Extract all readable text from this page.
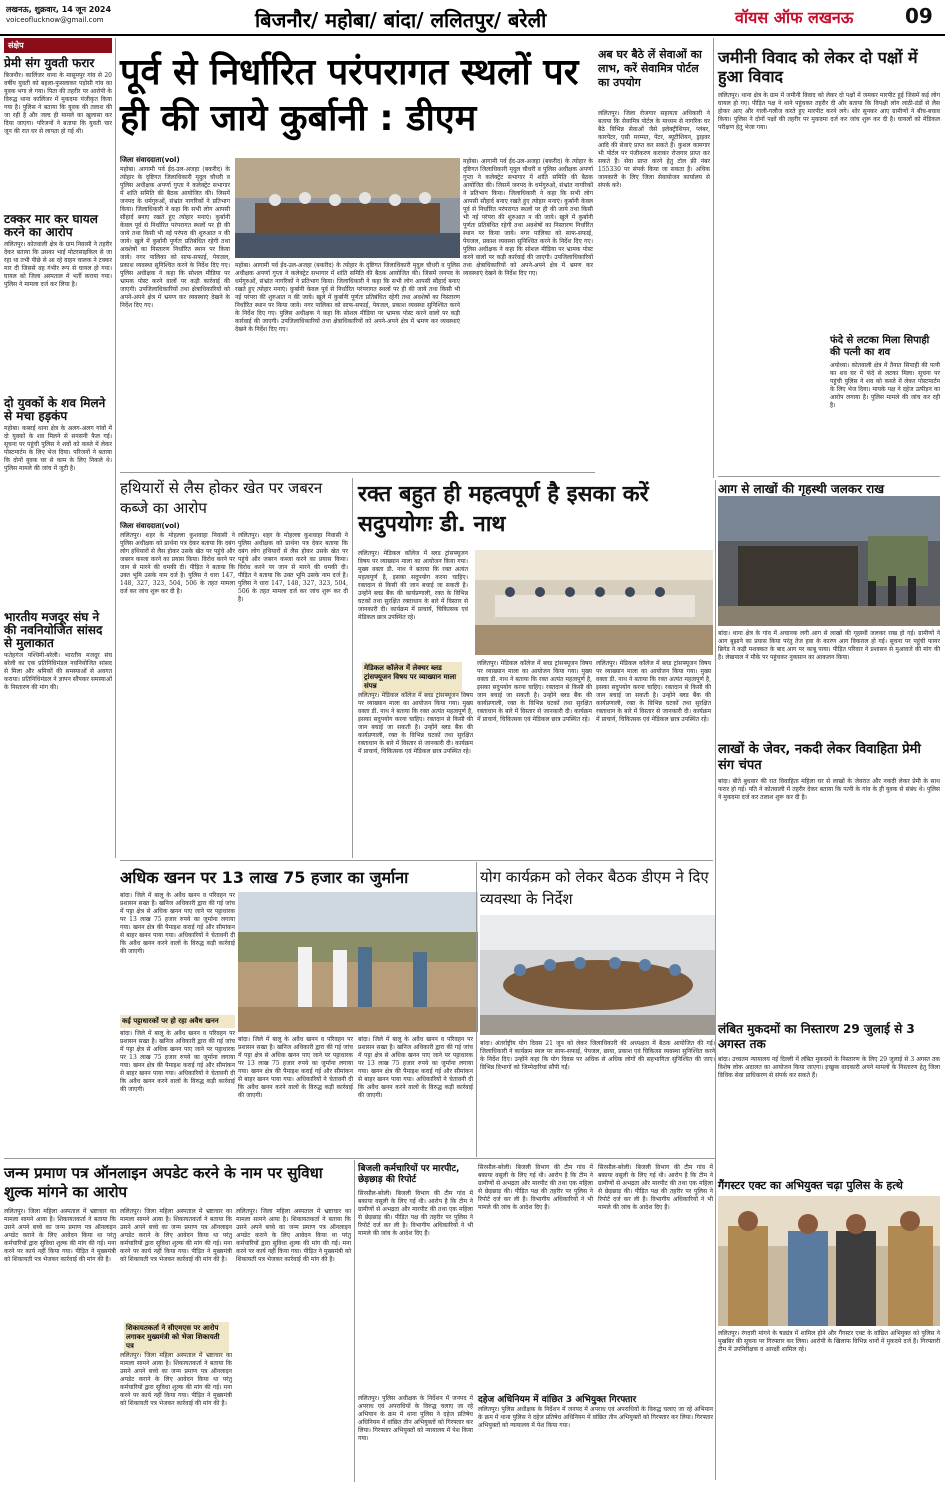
लखनऊ, शुक्रवार, 14 जून 2024
voiceoflucknow@gmail.com	बिजनौर/ महोबा/ बांदा/ ललितपुर/ बरेली	वॉयस ऑफ लखनऊ	09
संक्षेप
प्रेमी संग युवती फरार
बिजनौर। कालिंजर थाना के मासूमपुर गांव से 20 वर्षीय युवती को बहला-फुसलाकर पड़ोसी गांव का युवक भगा ले गया। पिता की तहरीर पर आरोपी के विरुद्ध थाना कालिंजर में मुकदमा पंजीकृत किया गया है। पुलिस ने बताया कि युवक की तलाश की जा रही है और जल्द ही मामले का खुलासा कर दिया जाएगा। परिजनों ने बताया कि युवती चार जून की रात घर से लापता हो गई थी।
टक्कर मार कर घायल करने का आरोप
ललितपुर। कोतवाली क्षेत्र के ग्राम निवासी ने तहरीर देकर बताया कि उसका भाई मोटरसाइकिल से जा रहा था तभी पीछे से आ रहे वाहन चालक ने टक्कर मार दी जिससे वह गंभीर रूप से घायल हो गया। घायल को जिला अस्पताल में भर्ती कराया गया। पुलिस ने मामला दर्ज कर लिया है।
दो युवकों के शव मिलने से मचा हड़कंप
महोबा। कबरई थाना क्षेत्र के अलग-अलग गांवों में दो युवकों के शव मिलने से सनसनी फैल गई। सूचना पर पहुंची पुलिस ने शवों को कब्जे में लेकर पोस्टमार्टम के लिए भेज दिया। परिजनों ने बताया कि दोनों युवक घर से काम के लिए निकले थे। पुलिस मामले की जांच में जुटी है।
भारतीय मजदूर संघ ने की नवनियोजित सांसद से मुलाकात
फतेहगंज पश्चिमी-बरेली। भारतीय मजदूर संघ बरेली का एक प्रतिनिधिमंडल नवनियोजित सांसद से मिला और श्रमिकों की समस्याओं से अवगत कराया। प्रतिनिधिमंडल ने ज्ञापन सौंपकर समस्याओं के निस्तारण की मांग की।
पूर्व से निर्धारित परंपरागत स्थलों पर ही की जाये कुर्बानी : डीएम
जिला संवाददाता(vol)
महोबा। आगामी पर्व ईद-उल-अजहा (बकरीद) के त्योहार के दृष्टिगत जिलाधिकारी मृदुल चौधरी व पुलिस अधीक्षक अपर्णा गुप्ता ने कलेक्ट्रेट सभागार में शांति समिति की बैठक आयोजित की। जिसमें जनपद के धर्मगुरुओं, संभ्रांत नागरिकों ने प्रतिभाग किया। जिलाधिकारी ने कहा कि सभी लोग आपसी सौहार्द बनाए रखते हुए त्योहार मनाएं। कुर्बानी केवल पूर्व से निर्धारित परंपरागत स्थलों पर ही की जाये तथा किसी भी नई परंपरा की शुरुआत न की जाये। खुले में कुर्बानी पूर्णतः प्रतिबंधित रहेगी तथा अवशेषों का निस्तारण निर्धारित स्थान पर किया जाये। नगर पालिका को साफ-सफाई, पेयजल, प्रकाश व्यवस्था सुनिश्चित करने के निर्देश दिए गए। पुलिस अधीक्षक ने कहा कि सोशल मीडिया पर भ्रामक पोस्ट करने वालों पर कड़ी कार्रवाई की जाएगी। उपजिलाधिकारियों तथा क्षेत्राधिकारियों को अपने-अपने क्षेत्र में भ्रमण कर व्यवस्थाएं देखने के निर्देश दिए गए।
महोबा। आगामी पर्व ईद-उल-अजहा (बकरीद) के त्योहार के दृष्टिगत जिलाधिकारी मृदुल चौधरी व पुलिस अधीक्षक अपर्णा गुप्ता ने कलेक्ट्रेट सभागार में शांति समिति की बैठक आयोजित की। जिसमें जनपद के धर्मगुरुओं, संभ्रांत नागरिकों ने प्रतिभाग किया। जिलाधिकारी ने कहा कि सभी लोग आपसी सौहार्द बनाए रखते हुए त्योहार मनाएं। कुर्बानी केवल पूर्व से निर्धारित परंपरागत स्थलों पर ही की जाये तथा किसी भी नई परंपरा की शुरुआत न की जाये। खुले में कुर्बानी पूर्णतः प्रतिबंधित रहेगी तथा अवशेषों का निस्तारण निर्धारित स्थान पर किया जाये। नगर पालिका को साफ-सफाई, पेयजल, प्रकाश व्यवस्था सुनिश्चित करने के निर्देश दिए गए। पुलिस अधीक्षक ने कहा कि सोशल मीडिया पर भ्रामक पोस्ट करने वालों पर कड़ी कार्रवाई की जाएगी। उपजिलाधिकारियों तथा क्षेत्राधिकारियों को अपने-अपने क्षेत्र में भ्रमण कर व्यवस्थाएं देखने के निर्देश दिए गए।
महोबा। आगामी पर्व ईद-उल-अजहा (बकरीद) के त्योहार के दृष्टिगत जिलाधिकारी मृदुल चौधरी व पुलिस अधीक्षक अपर्णा गुप्ता ने कलेक्ट्रेट सभागार में शांति समिति की बैठक आयोजित की। जिसमें जनपद के धर्मगुरुओं, संभ्रांत नागरिकों ने प्रतिभाग किया। जिलाधिकारी ने कहा कि सभी लोग आपसी सौहार्द बनाए रखते हुए त्योहार मनाएं। कुर्बानी केवल पूर्व से निर्धारित परंपरागत स्थलों पर ही की जाये तथा किसी भी नई परंपरा की शुरुआत न की जाये। खुले में कुर्बानी पूर्णतः प्रतिबंधित रहेगी तथा अवशेषों का निस्तारण निर्धारित स्थान पर किया जाये। नगर पालिका को साफ-सफाई, पेयजल, प्रकाश व्यवस्था सुनिश्चित करने के निर्देश दिए गए। पुलिस अधीक्षक ने कहा कि सोशल मीडिया पर भ्रामक पोस्ट करने वालों पर कड़ी कार्रवाई की जाएगी। उपजिलाधिकारियों तथा क्षेत्राधिकारियों को अपने-अपने क्षेत्र में भ्रमण कर व्यवस्थाएं देखने के निर्देश दिए गए।
अब घर बैठे लें सेवाओं का लाभ, करें सेवामित्र पोर्टल का उपयोग
ललितपुर। जिला रोजगार सहायता अधिकारी ने बताया कि सेवामित्र पोर्टल के माध्यम से नागरिक घर बैठे विभिन्न सेवाओं जैसे इलेक्ट्रीशियन, प्लंबर, कारपेंटर, एसी मरम्मत, पेंटर, ब्यूटीशियन, ड्राइवर आदि की सेवाएं प्राप्त कर सकते हैं। कुशल कामगार भी पोर्टल पर पंजीकरण कराकर रोजगार प्राप्त कर सकते हैं। सेवा प्राप्त करने हेतु टोल फ्री नंबर 155330 पर संपर्क किया जा सकता है। अधिक जानकारी के लिए जिला सेवायोजन कार्यालय से संपर्क करें।
जमीनी विवाद को लेकर दो पक्षों में हुआ विवाद
ललितपुर। थाना क्षेत्र के ग्राम में जमीनी विवाद को लेकर दो पक्षों में जमकर मारपीट हुई जिसमें कई लोग घायल हो गए। पीड़ित पक्ष ने थाने पहुंचकर तहरीर दी और बताया कि विपक्षी लोग लाठी-डंडों से लैस होकर आए और गाली-गलौज करते हुए मारपीट करने लगे। शोर सुनकर आए ग्रामीणों ने बीच-बचाव किया। पुलिस ने दोनों पक्षों की तहरीर पर मुकदमा दर्ज कर जांच शुरू कर दी है। घायलों को मेडिकल परीक्षण हेतु भेजा गया।
फंदे से लटका मिला सिपाही की पत्नी का शव
अयोध्या। कोतवाली क्षेत्र में तैनात सिपाही की पत्नी का शव घर में फंदे से लटका मिला। सूचना पर पहुंची पुलिस ने शव को कब्जे में लेकर पोस्टमार्टम के लिए भेज दिया। मायके पक्ष ने दहेज उत्पीड़न का आरोप लगाया है। पुलिस मामले की जांच कर रही है।
आग से लाखों की गृहस्थी जलकर राख
बांदा। थाना क्षेत्र के गांव में अचानक लगी आग से लाखों की गृहस्थी जलकर राख हो गई। ग्रामीणों ने आग बुझाने का प्रयास किया परंतु तेज हवा के कारण आग विकराल हो गई। सूचना पर पहुंची फायर ब्रिगेड ने कड़ी मशक्कत के बाद आग पर काबू पाया। पीड़ित परिवार ने प्रशासन से मुआवजे की मांग की है। लेखपाल ने मौके पर पहुंचकर नुकसान का आकलन किया।
लाखों के जेवर, नकदी लेकर विवाहिता प्रेमी संग चंपत
बांदा। बीते बुधवार की रात विवाहिता महिला घर से लाखों के जेवरात और नकदी लेकर प्रेमी के साथ फरार हो गई। पति ने कोतवाली में तहरीर देकर बताया कि पत्नी के गांव के ही युवक से संबंध थे। पुलिस ने मुकदमा दर्ज कर तलाश शुरू कर दी है।
लंबित मुकदमों का निस्तारण 29 जुलाई से 3 अगस्त तक
बांदा। उच्चतम न्यायालय नई दिल्ली में लंबित मुकदमों के निस्तारण के लिए 29 जुलाई से 3 अगस्त तक विशेष लोक अदालत का आयोजन किया जाएगा। इच्छुक वादकारी अपने मामलों के निस्तारण हेतु जिला विधिक सेवा प्राधिकरण से संपर्क कर सकते हैं।
गैंगस्टर एक्ट का अभियुक्त चढ़ा पुलिस के हत्थे
ललितपुर। रंगदारी मांगने के षड्यंत्र में शामिल होने और गैंगस्टर एक्ट के वांछित अभियुक्त को पुलिस ने मुखबिर की सूचना पर गिरफ्तार कर लिया। आरोपी के खिलाफ विभिन्न थानों में मुकदमे दर्ज हैं। गिरफ्तारी टीम में उपनिरीक्षक व आरक्षी शामिल रहे।
हथियारों से लैस होकर खेत पर जबरन कब्जे का आरोप
जिला संवाददाता(vol)
ललितपुर। शहर के मोहल्ला कुशवाहा निवासी ने पुलिस अधीक्षक को प्रार्थना पत्र देकर बताया कि दबंग लोग हथियारों से लैस होकर उसके खेत पर पहुंचे और जबरन कब्जा करने का प्रयास किया। विरोध करने पर जान से मारने की धमकी दी। पीड़ित ने बताया कि उक्त भूमि उसके नाम दर्ज है। पुलिस ने धारा 147, 148, 327, 323, 504, 506 के तहत मामला दर्ज कर जांच शुरू कर दी है।
ललितपुर। शहर के मोहल्ला कुशवाहा निवासी ने पुलिस अधीक्षक को प्रार्थना पत्र देकर बताया कि दबंग लोग हथियारों से लैस होकर उसके खेत पर पहुंचे और जबरन कब्जा करने का प्रयास किया। विरोध करने पर जान से मारने की धमकी दी। पीड़ित ने बताया कि उक्त भूमि उसके नाम दर्ज है। पुलिस ने धारा 147, 148, 327, 323, 504, 506 के तहत मामला दर्ज कर जांच शुरू कर दी है।
रक्त बहुत ही महत्वपूर्ण है इसका करें सदुपयोगः डी. नाथ
ललितपुर। मेडिकल कॉलेज में ब्लड ट्रांसफ्यूजन विषय पर व्याख्यान माला का आयोजन किया गया। मुख्य वक्ता डी. नाथ ने बताया कि रक्त अत्यंत महत्वपूर्ण है, इसका सदुपयोग करना चाहिए। रक्तदान से किसी की जान बचाई जा सकती है। उन्होंने ब्लड बैंक की कार्यप्रणाली, रक्त के विभिन्न घटकों तथा सुरक्षित रक्ताधान के बारे में विस्तार से जानकारी दी। कार्यक्रम में प्राचार्य, चिकित्सक एवं मेडिकल छात्र उपस्थित रहे।
मेडिकल कॉलेज में लेक्चर ब्लड ट्रांसफ्यूजन विषय पर व्याख्यान माला संपन्न
ललितपुर। मेडिकल कॉलेज में ब्लड ट्रांसफ्यूजन विषय पर व्याख्यान माला का आयोजन किया गया। मुख्य वक्ता डी. नाथ ने बताया कि रक्त अत्यंत महत्वपूर्ण है, इसका सदुपयोग करना चाहिए। रक्तदान से किसी की जान बचाई जा सकती है। उन्होंने ब्लड बैंक की कार्यप्रणाली, रक्त के विभिन्न घटकों तथा सुरक्षित रक्ताधान के बारे में विस्तार से जानकारी दी। कार्यक्रम में प्राचार्य, चिकित्सक एवं मेडिकल छात्र उपस्थित रहे।
ललितपुर। मेडिकल कॉलेज में ब्लड ट्रांसफ्यूजन विषय पर व्याख्यान माला का आयोजन किया गया। मुख्य वक्ता डी. नाथ ने बताया कि रक्त अत्यंत महत्वपूर्ण है, इसका सदुपयोग करना चाहिए। रक्तदान से किसी की जान बचाई जा सकती है। उन्होंने ब्लड बैंक की कार्यप्रणाली, रक्त के विभिन्न घटकों तथा सुरक्षित रक्ताधान के बारे में विस्तार से जानकारी दी। कार्यक्रम में प्राचार्य, चिकित्सक एवं मेडिकल छात्र उपस्थित रहे।
ललितपुर। मेडिकल कॉलेज में ब्लड ट्रांसफ्यूजन विषय पर व्याख्यान माला का आयोजन किया गया। मुख्य वक्ता डी. नाथ ने बताया कि रक्त अत्यंत महत्वपूर्ण है, इसका सदुपयोग करना चाहिए। रक्तदान से किसी की जान बचाई जा सकती है। उन्होंने ब्लड बैंक की कार्यप्रणाली, रक्त के विभिन्न घटकों तथा सुरक्षित रक्ताधान के बारे में विस्तार से जानकारी दी। कार्यक्रम में प्राचार्य, चिकित्सक एवं मेडिकल छात्र उपस्थित रहे।
अधिक खनन पर 13 लाख 75 हजार का जुर्माना
बांदा। जिले में बालू के अवैध खनन व परिवहन पर प्रशासन सख्त है। खनिज अधिकारी द्वारा की गई जांच में पट्टा क्षेत्र से अधिक खनन पाए जाने पर पट्टाधारक पर 13 लाख 75 हजार रुपये का जुर्माना लगाया गया। खनन क्षेत्र की पैमाइश कराई गई और सीमांकन से बाहर खनन पाया गया। अधिकारियों ने चेतावनी दी कि अवैध खनन करने वालों के विरुद्ध कड़ी कार्रवाई की जाएगी।
कई पट्टाधारकों पर हो रहा अवैध खनन
बांदा। जिले में बालू के अवैध खनन व परिवहन पर प्रशासन सख्त है। खनिज अधिकारी द्वारा की गई जांच में पट्टा क्षेत्र से अधिक खनन पाए जाने पर पट्टाधारक पर 13 लाख 75 हजार रुपये का जुर्माना लगाया गया। खनन क्षेत्र की पैमाइश कराई गई और सीमांकन से बाहर खनन पाया गया। अधिकारियों ने चेतावनी दी कि अवैध खनन करने वालों के विरुद्ध कड़ी कार्रवाई की जाएगी।
बांदा। जिले में बालू के अवैध खनन व परिवहन पर प्रशासन सख्त है। खनिज अधिकारी द्वारा की गई जांच में पट्टा क्षेत्र से अधिक खनन पाए जाने पर पट्टाधारक पर 13 लाख 75 हजार रुपये का जुर्माना लगाया गया। खनन क्षेत्र की पैमाइश कराई गई और सीमांकन से बाहर खनन पाया गया। अधिकारियों ने चेतावनी दी कि अवैध खनन करने वालों के विरुद्ध कड़ी कार्रवाई की जाएगी।
बांदा। जिले में बालू के अवैध खनन व परिवहन पर प्रशासन सख्त है। खनिज अधिकारी द्वारा की गई जांच में पट्टा क्षेत्र से अधिक खनन पाए जाने पर पट्टाधारक पर 13 लाख 75 हजार रुपये का जुर्माना लगाया गया। खनन क्षेत्र की पैमाइश कराई गई और सीमांकन से बाहर खनन पाया गया। अधिकारियों ने चेतावनी दी कि अवैध खनन करने वालों के विरुद्ध कड़ी कार्रवाई की जाएगी।
योग कार्यक्रम को लेकर बैठक डीएम ने दिए व्यवस्था के निर्देश
बांदा। अंतर्राष्ट्रीय योग दिवस 21 जून को लेकर जिलाधिकारी की अध्यक्षता में बैठक आयोजित की गई। जिलाधिकारी ने कार्यक्रम स्थल पर साफ-सफाई, पेयजल, छाया, प्रकाश एवं चिकित्सा व्यवस्था सुनिश्चित करने के निर्देश दिए। उन्होंने कहा कि योग दिवस पर अधिक से अधिक लोगों की सहभागिता सुनिश्चित की जाए। विभिन्न विभागों को जिम्मेदारियां सौंपी गईं।
जन्म प्रमाण पत्र ऑनलाइन अपडेट करने के नाम पर सुविधा शुल्क मांगने का आरोप
ललितपुर। जिला महिला अस्पताल में भ्रष्टाचार का मामला सामने आया है। शिकायतकर्ता ने बताया कि उसने अपने बच्चे का जन्म प्रमाण पत्र ऑनलाइन अपडेट कराने के लिए आवेदन किया था परंतु कर्मचारियों द्वारा सुविधा शुल्क की मांग की गई। मना करने पर कार्य नहीं किया गया। पीड़ित ने मुख्यमंत्री को शिकायती पत्र भेजकर कार्रवाई की मांग की है।
ललितपुर। जिला महिला अस्पताल में भ्रष्टाचार का मामला सामने आया है। शिकायतकर्ता ने बताया कि उसने अपने बच्चे का जन्म प्रमाण पत्र ऑनलाइन अपडेट कराने के लिए आवेदन किया था परंतु कर्मचारियों द्वारा सुविधा शुल्क की मांग की गई। मना करने पर कार्य नहीं किया गया। पीड़ित ने मुख्यमंत्री को शिकायती पत्र भेजकर कार्रवाई की मांग की है।
शिकायतकर्ता ने सीएमएस पर आरोप लगाकर मुख्यमंत्री को भेजा शिकायती पत्र
ललितपुर। जिला महिला अस्पताल में भ्रष्टाचार का मामला सामने आया है। शिकायतकर्ता ने बताया कि उसने अपने बच्चे का जन्म प्रमाण पत्र ऑनलाइन अपडेट कराने के लिए आवेदन किया था परंतु कर्मचारियों द्वारा सुविधा शुल्क की मांग की गई। मना करने पर कार्य नहीं किया गया। पीड़ित ने मुख्यमंत्री को शिकायती पत्र भेजकर कार्रवाई की मांग की है।
ललितपुर। जिला महिला अस्पताल में भ्रष्टाचार का मामला सामने आया है। शिकायतकर्ता ने बताया कि उसने अपने बच्चे का जन्म प्रमाण पत्र ऑनलाइन अपडेट कराने के लिए आवेदन किया था परंतु कर्मचारियों द्वारा सुविधा शुल्क की मांग की गई। मना करने पर कार्य नहीं किया गया। पीड़ित ने मुख्यमंत्री को शिकायती पत्र भेजकर कार्रवाई की मांग की है।
बिजली कर्मचारियों पर मारपीट, छेड़छाड़ की रिपोर्ट
सिरसौल-बरेली। बिजली विभाग की टीम गांव में बकाया वसूली के लिए गई थी। आरोप है कि टीम ने ग्रामीणों से अभद्रता और मारपीट की तथा एक महिला से छेड़छाड़ की। पीड़ित पक्ष की तहरीर पर पुलिस ने रिपोर्ट दर्ज कर ली है। विभागीय अधिकारियों ने भी मामले की जांच के आदेश दिए हैं।
सिरसौल-बरेली। बिजली विभाग की टीम गांव में बकाया वसूली के लिए गई थी। आरोप है कि टीम ने ग्रामीणों से अभद्रता और मारपीट की तथा एक महिला से छेड़छाड़ की। पीड़ित पक्ष की तहरीर पर पुलिस ने रिपोर्ट दर्ज कर ली है। विभागीय अधिकारियों ने भी मामले की जांच के आदेश दिए हैं।
सिरसौल-बरेली। बिजली विभाग की टीम गांव में बकाया वसूली के लिए गई थी। आरोप है कि टीम ने ग्रामीणों से अभद्रता और मारपीट की तथा एक महिला से छेड़छाड़ की। पीड़ित पक्ष की तहरीर पर पुलिस ने रिपोर्ट दर्ज कर ली है। विभागीय अधिकारियों ने भी मामले की जांच के आदेश दिए हैं।
दहेज अधिनियम में वांछित 3 अभियुक्त गिरफ्तार
ललितपुर। पुलिस अधीक्षक के निर्देशन में जनपद में अपराध एवं अपराधियों के विरुद्ध चलाए जा रहे अभियान के क्रम में थाना पुलिस ने दहेज प्रतिषेध अधिनियम में वांछित तीन अभियुक्तों को गिरफ्तार कर लिया। गिरफ्तार अभियुक्तों को न्यायालय में पेश किया गया।
ललितपुर। पुलिस अधीक्षक के निर्देशन में जनपद में अपराध एवं अपराधियों के विरुद्ध चलाए जा रहे अभियान के क्रम में थाना पुलिस ने दहेज प्रतिषेध अधिनियम में वांछित तीन अभियुक्तों को गिरफ्तार कर लिया। गिरफ्तार अभियुक्तों को न्यायालय में पेश किया गया।
